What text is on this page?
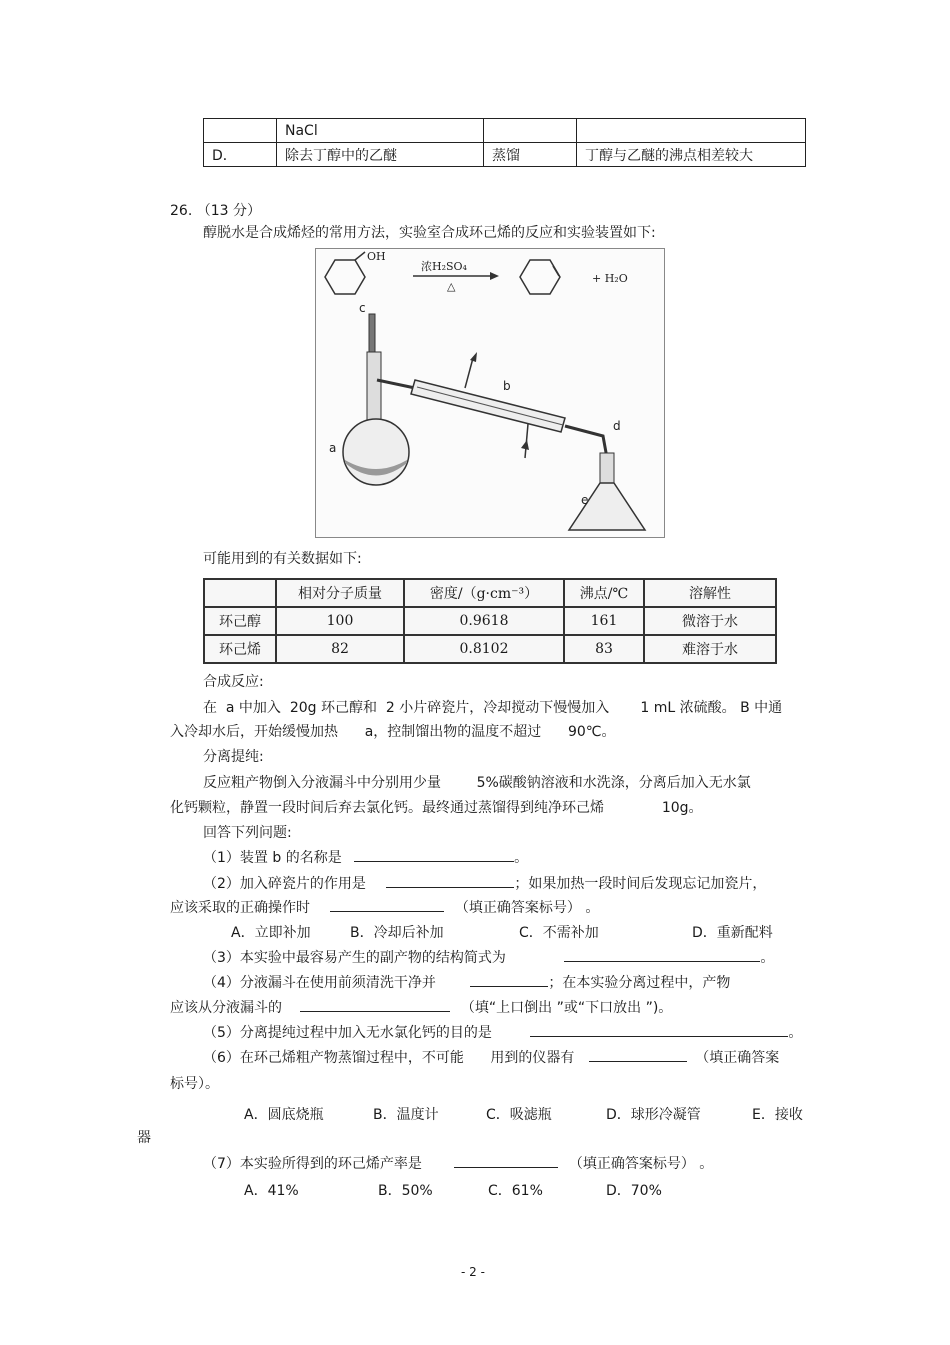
	NaCl		
D．	除去丁醇中的乙醚	蒸馏	丁醇与乙醚的沸点相差较大
26. （13 分）
醇脱水是合成烯烃的常用方法，实验室合成环己烯的反应和实验装置如下:
OH
浓H₂SO₄
△
+ H₂O
c
a
b
d
e
可能用到的有关数据如下:
	相对分子质量	密度/（g·cm⁻³）	沸点/℃	溶解性
环己醇	100	0.9618	161	微溶于水
环己烯	82	0.8102	83	难溶于水
合成反应:
在  a 中加入  20g 环己醇和  2 小片碎瓷片，冷却搅动下慢慢加入       1 mL 浓硫酸。 B 中通
入冷却水后，开始缓慢加热      a，控制馏出物的温度不超过      90℃。
分离提纯:
反应粗产物倒入分液漏斗中分别用少量        5%碳酸钠溶液和水洗涤，分离后加入无水氯
化钙颗粒，静置一段时间后弃去氯化钙。最终通过蒸馏得到纯净环己烯             10g。
回答下列问题:
（1）装置 b 的名称是	。
（2）加入碎瓷片的作用是	；如果加热一段时间后发现忘记加瓷片，
应该采取的正确操作时	（填正确答案标号） 。
A．立即补加	B．冷却后补加	C．不需补加	D．重新配料
（3）本实验中最容易产生的副产物的结构简式为	。
（4）分液漏斗在使用前须清洗干净并	；在本实验分离过程中，产物
应该从分液漏斗的	（填“上口倒出 ”或“下口放出 ”)。
（5）分离提纯过程中加入无水氯化钙的目的是	。
（6）在环己烯粗产物蒸馏过程中，不可能 用到的仪器有	（填正确答案
标号）。
A．圆底烧瓶	B．温度计	C．吸滤瓶	D．球形冷凝管	E．接收
器
（7）本实验所得到的环己烯产率是	（填正确答案标号） 。
A．41%	B．50%	C．61%	D．70%
- 2 -
